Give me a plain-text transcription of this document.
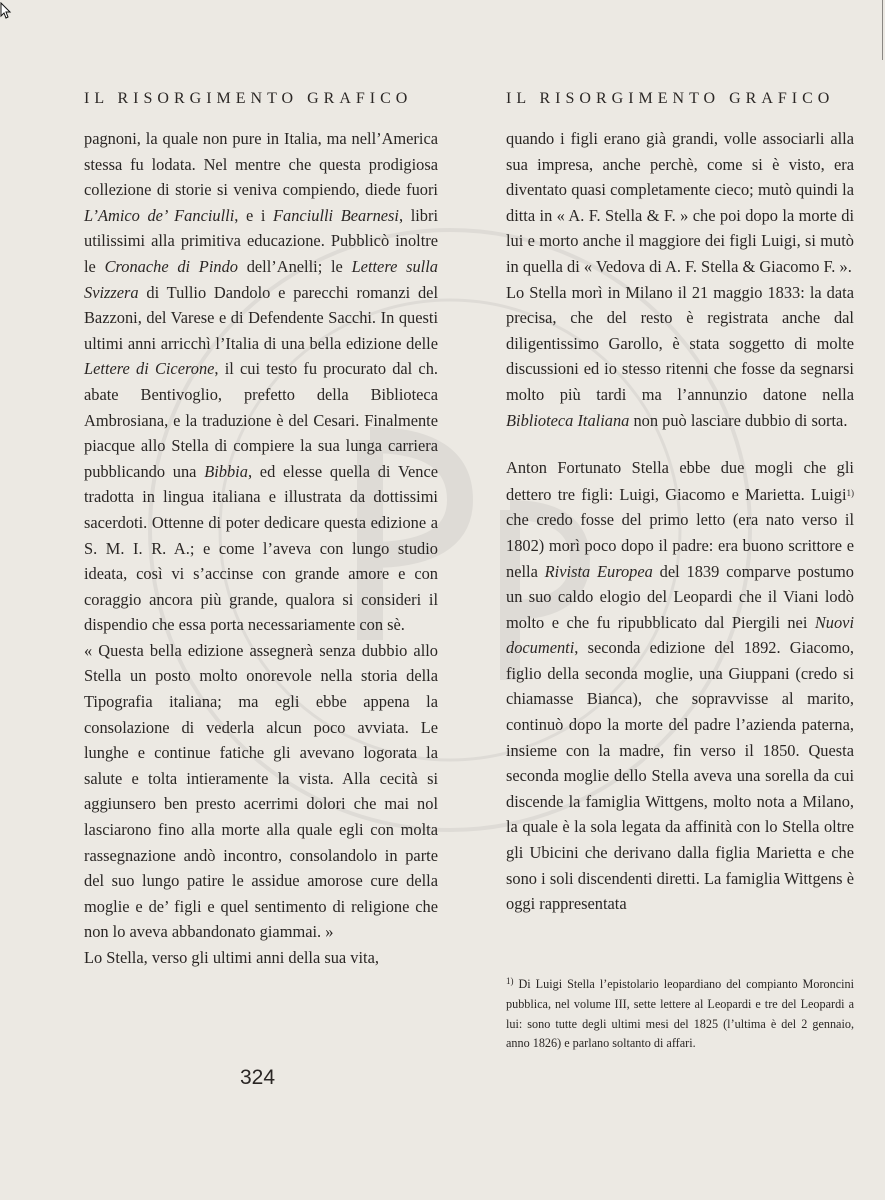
IL RISORGIMENTO GRAFICO	IL RISORGIMENTO GRAFICO

pagnoni, la quale non pure in Italia, ma nell’America stessa fu lodata. Nel mentre che questa prodigiosa collezione di storie si veniva compiendo, diede fuori L’Amico de’ Fanciulli, e i Fanciulli Bearnesi, libri utilissimi alla primitiva educazione. Pubblicò inoltre le Cronache di Pindo dell’Anelli; le Lettere sulla Svizzera di Tullio Dandolo e parecchi romanzi del Bazzoni, del Varese e di Defendente Sacchi. In questi ultimi anni arricchì l’Italia di una bella edizione delle Lettere di Cicerone, il cui testo fu procurato dal ch. abate Bentivoglio, prefetto della Biblioteca Ambrosiana, e la traduzione è del Cesari. Finalmente piacque allo Stella di compiere la sua lunga carriera pubblicando una Bibbia, ed elesse quella di Vence tradotta in lingua italiana e illustrata da dottissimi sacerdoti. Ottenne di poter dedicare questa edizione a S. M. I. R. A.; e come l’aveva con lungo studio ideata, così vi s’accinse con grande amore e con coraggio ancora più grande, qualora si consideri il dispendio che essa porta necessariamente con sè.

« Questa bella edizione assegnerà senza dubbio allo Stella un posto molto onorevole nella storia della Tipografia italiana; ma egli ebbe appena la consolazione di vederla alcun poco avviata. Le lunghe e continue fatiche gli avevano logorata la salute e tolta intieramente la vista. Alla cecità si aggiunsero ben presto acerrimi dolori che mai nol lasciarono fino alla morte alla quale egli con molta rassegnazione andò incontro, consolandolo in parte del suo lungo patire le assidue amorose cure della moglie e de’ figli e quel sentimento di religione che non lo aveva abbandonato giammai. »

Lo Stella, verso gli ultimi anni della sua vita,

quando i figli erano già grandi, volle associarli alla sua impresa, anche perchè, come si è visto, era diventato quasi completamente cieco; mutò quindi la ditta in « A. F. Stella & F. » che poi dopo la morte di lui e morto anche il maggiore dei figli Luigi, si mutò in quella di « Vedova di A. F. Stella & Giacomo F. ».

Lo Stella morì in Milano il 21 maggio 1833: la data precisa, che del resto è registrata anche dal diligentissimo Garollo, è stata soggetto di molte discussioni ed io stesso ritenni che fosse da segnarsi molto più tardi ma l’annunzio datone nella Biblioteca Italiana non può lasciare dubbio di sorta.

Anton Fortunato Stella ebbe due mogli che gli dettero tre figli: Luigi, Giacomo e Marietta. Luigi$^{1)}$ che credo fosse del primo letto (era nato verso il 1802) morì poco dopo il padre: era buono scrittore e nella Rivista Europea del 1839 comparve postumo un suo caldo elogio del Leopardi che il Viani lodò molto e che fu ripubblicato dal Piergili nei Nuovi documenti, seconda edizione del 1892. Giacomo, figlio della seconda moglie, una Giuppani (credo si chiamasse Bianca), che sopravvisse al marito, continuò dopo la morte del padre l’azienda paterna, insieme con la madre, fin verso il 1850. Questa seconda moglie dello Stella aveva una sorella da cui discende la famiglia Wittgens, molto nota a Milano, la quale è la sola legata da affinità con lo Stella oltre gli Ubicini che derivano dalla figlia Marietta e che sono i soli discendenti diretti. La famiglia Wittgens è oggi rappresentata

$^{1)}$ Di Luigi Stella l’epistolario leopardiano del compianto Moroncini pubblica, nel volume III, sette lettere al Leopardi e tre del Leopardi a lui: sono tutte degli ultimi mesi del 1825 (l’ultima è del 2 gennaio, anno 1826) e parlano soltanto di affari.

324
